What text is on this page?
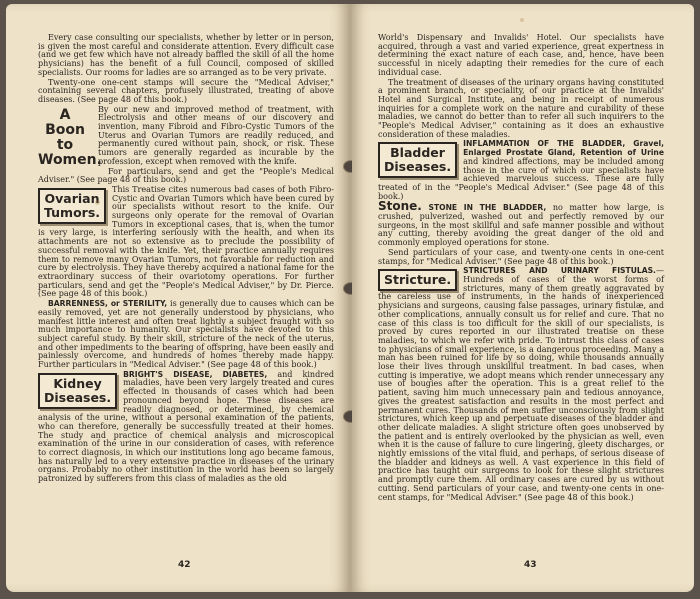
Every case consulting our specialists, whether by letter or in person, is given the most careful and considerate attention. Every difficult case (and we get few which have not already baffled the skill of all the home physicians) has the benefit of a full Council, composed of skilled specialists. Our rooms for ladies are so arranged as to be very private.

Twenty-one one-cent stamps will secure the "Medical Adviser," containing several chapters, profusely illustrated, treating of above diseases. (See page 48 of this book.)

A Boon
to
Women.

By our new and improved method of treatment, with Electrolysis and other means of our discovery and invention, many Fibroid and Fibro-Cystic Tumors of the Uterus and Ovarian Tumors are readily reduced, and permanently cured without pain, shock, or risk. These tumors are generally regarded as incurable by the profession, except when removed with the knife.

For particulars, send and get the "People's Medical Adviser." (See page 48 of this book.)

Ovarian
Tumors.

This Treatise cites numerous bad cases of both Fibro-Cystic and Ovarian Tumors which have been cured by our specialists without resort to the knife. Our surgeons only operate for the removal of Ovarian Tumors in exceptional cases, that is, when the tumor is very large, is interfering seriously with the health, and when its attachments are not so extensive as to preclude the possibility of successful removal with the knife. Yet, their practice annually requires them to remove many Ovarian Tumors, not favorable for reduction and cure by electrolysis. They have thereby acquired a national fame for the extraordinary success of their ovariotomy operations. For further particulars, send and get the "People's Medical Adviser," by Dr. Pierce. (See page 48 of this book.)

BARRENNESS, or STERILITY, is generally due to causes which can be easily removed, yet are not generally understood by physicians, who manifest little interest and often treat lightly a subject fraught with so much importance to humanity. Our specialists have devoted to this subject careful study. By their skill, stricture of the neck of the uterus, and other impediments to the bearing of offspring, have been easily and painlessly overcome, and hundreds of homes thereby made happy. Further particulars in "Medical Adviser." (See page 48 of this book.)

Kidney
Diseases.

BRIGHT'S DISEASE, DIABETES, and kindred maladies, have been very largely treated and cures effected in thousands of cases which had been pronounced beyond hope. These diseases are readily diagnosed, or determined, by chemical analysis of the urine, without a personal examination of the patients, who can therefore, generally be successfully treated at their homes. The study and practice of chemical analysis and microscopical examination of the urine in our consideration of cases, with reference to correct diagnosis, in which our institutions long ago became famous, has naturally led to a very extensive practice in diseases of the urinary organs. Probably no other institution in the world has been so largely patronized by sufferers from this class of maladies as the old

42

World's Dispensary and Invalids' Hotel. Our specialists have acquired, through a vast and varied experience, great expertness in determining the exact nature of each case, and, hence, have been successful in nicely adapting their remedies for the cure of each individual case.

The treatment of diseases of the urinary organs having constituted a prominent branch, or speciality, of our practice at the Invalids' Hotel and Surgical Institute, and being in receipt of numerous inquiries for a complete work on the nature and curability of these maladies, we cannot do better than to refer all such inquirers to the "People's Medical Adviser," containing as it does an exhaustive consideration of these maladies.

Bladder
Diseases.

INFLAMMATION OF THE BLADDER, Gravel, Enlarged Prostate Gland, Retention of Urine and kindred affections, may be included among those in the cure of which our specialists have achieved marvelous success. These are fully treated of in the "People's Medical Adviser." (See page 48 of this book.)

Stone. STONE IN THE BLADDER, no matter how large, is crushed, pulverized, washed out and perfectly removed by our surgeons, in the most skillful and safe manner possible and without any cutting, thereby avoiding the great danger of the old and commonly employed operations for stone.

Send particulars of your case, and twenty-one cents in one-cent stamps, for "Medical Adviser." (See page 48 of this book.)

Stricture.

STRICTURES AND URINARY FISTULAS.—Hundreds of cases of the worst forms of strictures, many of them greatly aggravated by the careless use of instruments, in the hands of inexperienced physicians and surgeons, causing false passages, urinary fistulæ, and other complications, annually consult us for relief and cure. That no case of this class is too difficult for the skill of our specialists, is proved by cures reported in our illustrated treatise on these maladies, to which we refer with pride. To intrust this class of cases to physicians of small experience, is a dangerous proceeding. Many a man has been ruined for life by so doing, while thousands annually lose their lives through unskillful treatment. In bad cases, when cutting is imperative, we adopt means which render unnecessary any use of bougies after the operation. This is a great relief to the patient, saving him much unnecessary pain and tedious annoyance, gives the greatest satisfaction and results in the most perfect and permanent cures. Thousands of men suffer unconsciously from slight strictures, which keep up and perpetuate diseases of the bladder and other delicate maladies. A slight stricture often goes unobserved by the patient and is entirely overlooked by the physician as well, even when it is the cause of failure to cure lingering, gleety discharges, or nightly emissions of the vital fluid, and perhaps, of serious disease of the bladder and kidneys as well. A vast experience in this field of practice has taught our surgeons to look for these slight strictures and promptly cure them. All ordinary cases are cured by us without cutting. Send particulars of your case, and twenty-one cents in one-cent stamps, for "Medical Adviser." (See page 48 of this book.)

43
